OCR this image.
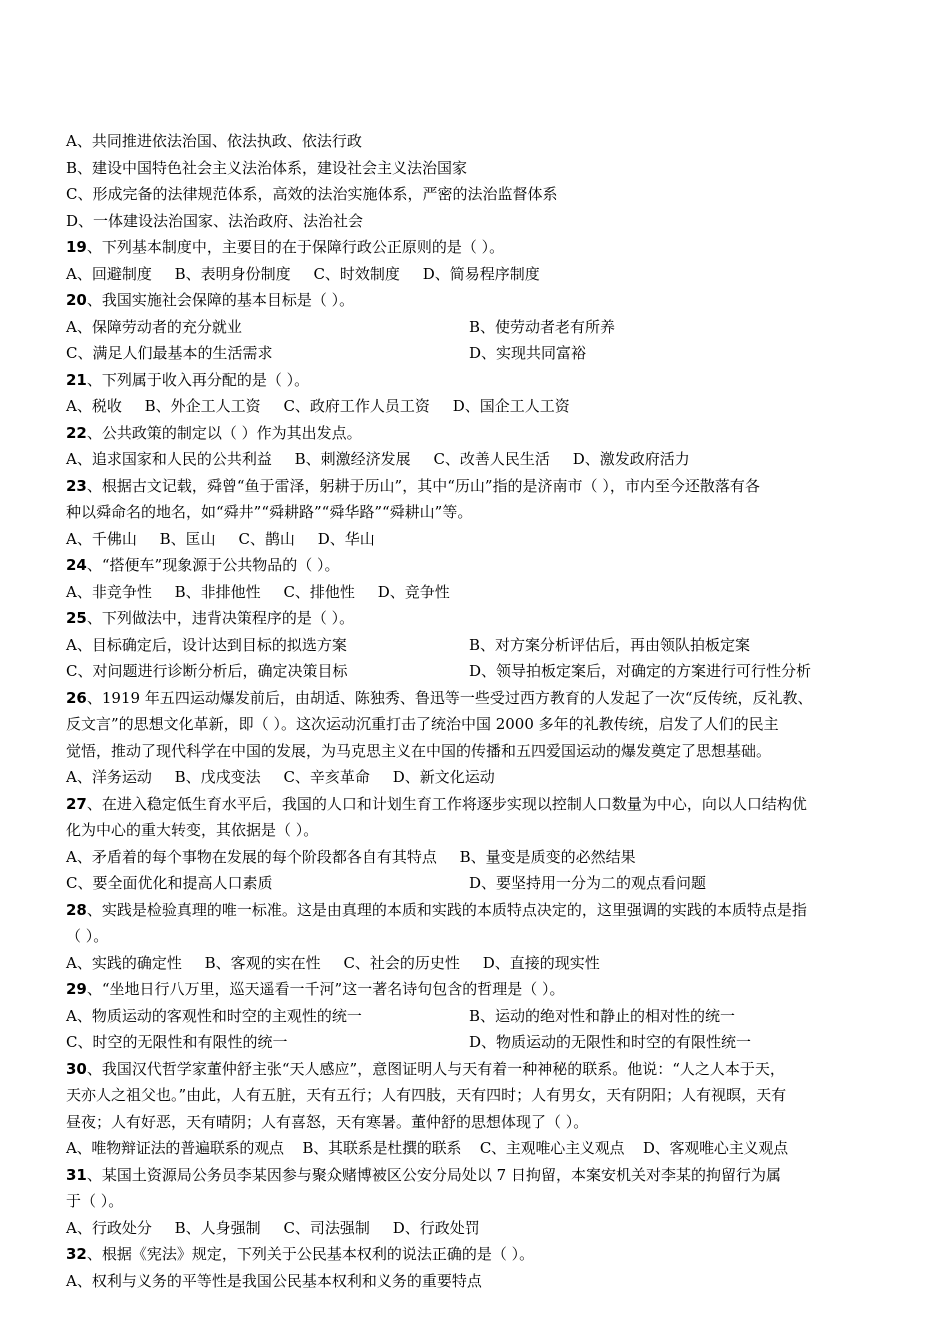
A、共同推进依法治国、依法执政、依法行政
B、建设中国特色社会主义法治体系，建设社会主义法治国家
C、形成完备的法律规范体系，高效的法治实施体系，严密的法治监督体系
D、一体建设法治国家、法治政府、法治社会
19、下列基本制度中，主要目的在于保障行政公正原则的是（ ）。
A、回避制度 B、表明身份制度 C、时效制度 D、简易程序制度
20、我国实施社会保障的基本目标是（ ）。
A、保障劳动者的充分就业	B、使劳动者老有所养
C、满足人们最基本的生活需求	D、实现共同富裕
21、下列属于收入再分配的是（ ）。
A、税收 B、外企工人工资 C、政府工作人员工资 D、国企工人工资
22、公共政策的制定以（ ）作为其出发点。
A、追求国家和人民的公共利益 B、刺激经济发展 C、改善人民生活 D、激发政府活力
23、根据古文记载，舜曾“鱼于雷泽，躬耕于历山”，其中“历山”指的是济南市（ ），市内至今还散落有各
种以舜命名的地名，如“舜井”“舜耕路”“舜华路”“舜耕山”等。
A、千佛山 B、匡山 C、鹊山 D、华山
24、“搭便车”现象源于公共物品的（ ）。
A、非竞争性 B、非排他性 C、排他性 D、竞争性
25、下列做法中，违背决策程序的是（ ）。
A、目标确定后，设计达到目标的拟选方案	B、对方案分析评估后，再由领队拍板定案
C、对问题进行诊断分析后，确定决策目标	D、领导拍板定案后，对确定的方案进行可行性分析
26、1919 年五四运动爆发前后，由胡适、陈独秀、鲁迅等一些受过西方教育的人发起了一次“反传统，反礼教、
反文言”的思想文化革新，即（ ）。这次运动沉重打击了统治中国 2000 多年的礼教传统，启发了人们的民主
觉悟，推动了现代科学在中国的发展，为马克思主义在中国的传播和五四爱国运动的爆发奠定了思想基础。
A、洋务运动 B、戊戌变法 C、辛亥革命 D、新文化运动
27、在进入稳定低生育水平后，我国的人口和计划生育工作将逐步实现以控制人口数量为中心，向以人口结构优
化为中心的重大转变，其依据是（ ）。
A、矛盾着的每个事物在发展的每个阶段都各自有其特点 B、量变是质变的必然结果
C、要全面优化和提高人口素质	D、要坚持用一分为二的观点看问题
28、实践是检验真理的唯一标准。这是由真理的本质和实践的本质特点决定的，这里强调的实践的本质特点是指
（ ）。
A、实践的确定性 B、客观的实在性 C、社会的历史性 D、直接的现实性
29、“坐地日行八万里，巡天遥看一千河”这一著名诗句包含的哲理是（ ）。
A、物质运动的客观性和时空的主观性的统一	B、运动的绝对性和静止的相对性的统一
C、时空的无限性和有限性的统一	D、物质运动的无限性和时空的有限性统一
30、我国汉代哲学家董仲舒主张“天人感应”，意图证明人与天有着一种神秘的联系。他说：“人之人本于天，
天亦人之祖父也。”由此，人有五脏，天有五行；人有四肢，天有四时；人有男女，天有阴阳；人有视暝，天有
昼夜；人有好恶，天有晴阴；人有喜怒，天有寒暑。董仲舒的思想体现了（ ）。
A、唯物辩证法的普遍联系的观点 B、其联系是杜撰的联系 C、主观唯心主义观点 D、客观唯心主义观点
31、某国土资源局公务员李某因参与聚众赌博被区公安分局处以 7 日拘留，本案安机关对李某的拘留行为属
于（ ）。
A、行政处分 B、人身强制 C、司法强制 D、行政处罚
32、根据《宪法》规定，下列关于公民基本权利的说法正确的是（ ）。
A、权利与义务的平等性是我国公民基本权利和义务的重要特点
